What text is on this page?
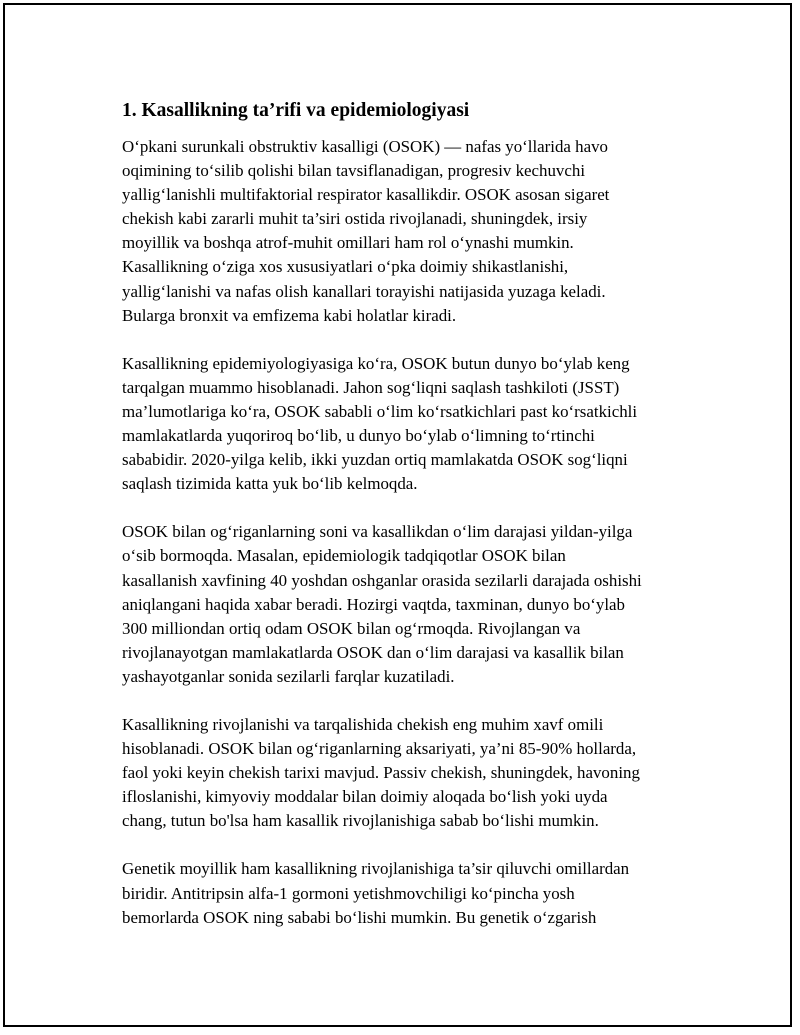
1. Kasallikning ta’rifi va epidemiologiyasi

O‘pkani surunkali obstruktiv kasalligi (OSOK) — nafas yo‘llarida havo
oqimining to‘silib qolishi bilan tavsiflanadigan, progresiv kechuvchi
yallig‘lanishli multifaktorial respirator kasallikdir. OSOK asosan sigaret
chekish kabi zararli muhit ta’siri ostida rivojlanadi, shuningdek, irsiy
moyillik va boshqa atrof-muhit omillari ham rol o‘ynashi mumkin.
Kasallikning o‘ziga xos xususiyatlari o‘pka doimiy shikastlanishi,
yallig‘lanishi va nafas olish kanallari torayishi natijasida yuzaga keladi.
Bularga bronxit va emfizema kabi holatlar kiradi.

Kasallikning epidemiyologiyasiga ko‘ra, OSOK butun dunyo bo‘ylab keng
tarqalgan muammo hisoblanadi. Jahon sog‘liqni saqlash tashkiloti (JSST)
ma’lumotlariga ko‘ra, OSOK sababli o‘lim ko‘rsatkichlari past ko‘rsatkichli
mamlakatlarda yuqoriroq bo‘lib, u dunyo bo‘ylab o‘limning to‘rtinchi
sababidir. 2020-yilga kelib, ikki yuzdan ortiq mamlakatda OSOK sog‘liqni
saqlash tizimida katta yuk bo‘lib kelmoqda.

OSOK bilan og‘riganlarning soni va kasallikdan o‘lim darajasi yildan-yilga
o‘sib bormoqda. Masalan, epidemiologik tadqiqotlar OSOK bilan
kasallanish xavfining 40 yoshdan oshganlar orasida sezilarli darajada oshishi
aniqlangani haqida xabar beradi. Hozirgi vaqtda, taxminan, dunyo bo‘ylab
300 milliondan ortiq odam OSOK bilan og‘rmoqda. Rivojlangan va
rivojlanayotgan mamlakatlarda OSOK dan o‘lim darajasi va kasallik bilan
yashayotganlar sonida sezilarli farqlar kuzatiladi.

Kasallikning rivojlanishi va tarqalishida chekish eng muhim xavf omili
hisoblanadi. OSOK bilan og‘riganlarning aksariyati, ya’ni 85-90% hollarda,
faol yoki keyin chekish tarixi mavjud. Passiv chekish, shuningdek, havoning
ifloslanishi, kimyoviy moddalar bilan doimiy aloqada bo‘lish yoki uyda
chang, tutun bo'lsa ham kasallik rivojlanishiga sabab bo‘lishi mumkin.

Genetik moyillik ham kasallikning rivojlanishiga ta’sir qiluvchi omillardan
biridir. Antitripsin alfa-1 gormoni yetishmovchiligi ko‘pincha yosh
bemorlarda OSOK ning sababi bo‘lishi mumkin. Bu genetik o‘zgarish
